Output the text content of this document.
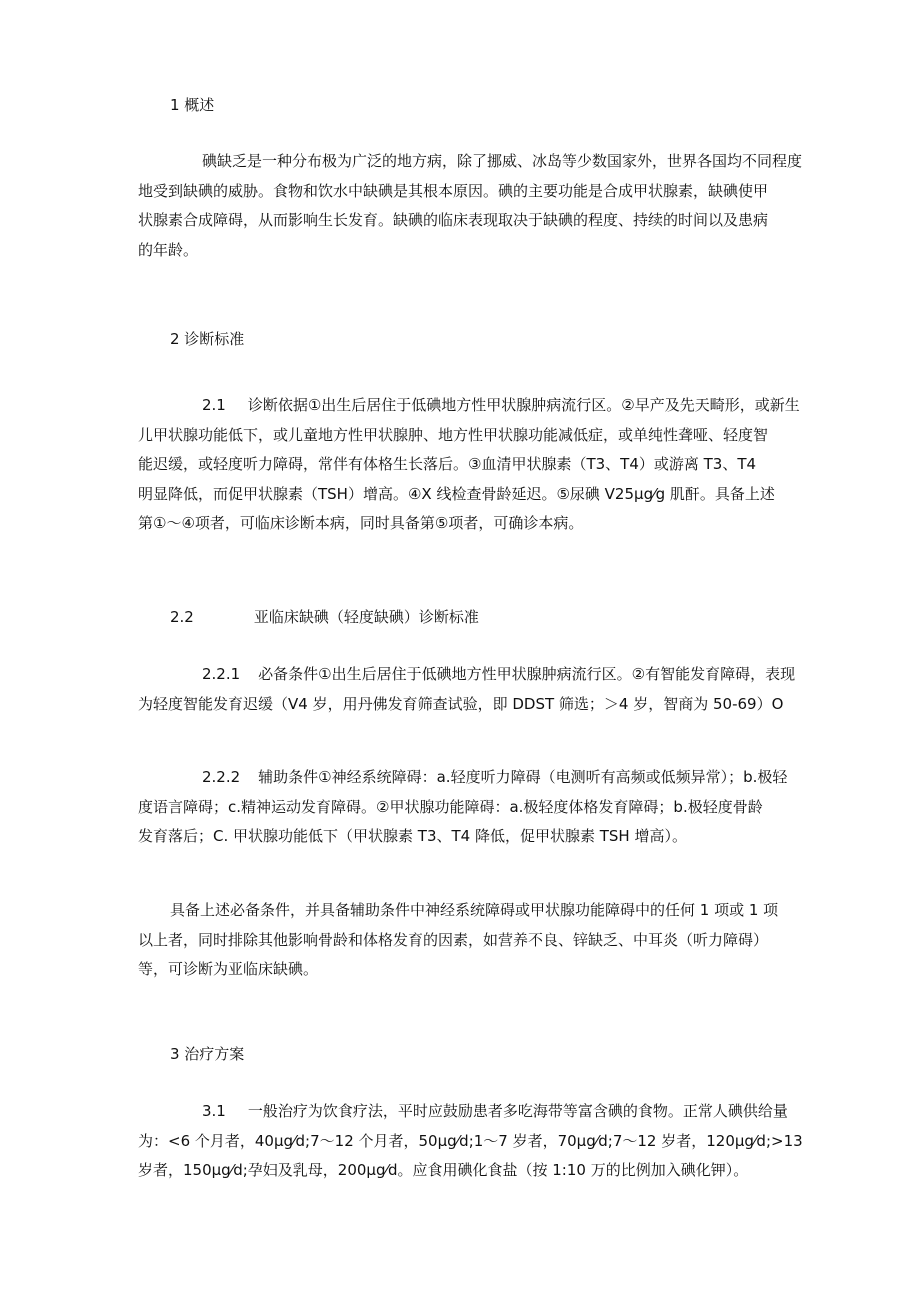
1 概述
碘缺乏是一种分布极为广泛的地方病，除了挪威、冰岛等少数国家外，世界各国均不同程度
地受到缺碘的威胁。食物和饮水中缺碘是其根本原因。碘的主要功能是合成甲状腺素，缺碘使甲
状腺素合成障碍，从而影响生长发育。缺碘的临床表现取决于缺碘的程度、持续的时间以及患病
的年龄。
2 诊断标准
2.1 诊断依据①出生后居住于低碘地方性甲状腺肿病流行区。②早产及先天畸形，或新生
儿甲状腺功能低下，或儿童地方性甲状腺肿、地方性甲状腺功能减低症，或单纯性聋哑、轻度智
能迟缓，或轻度听力障碍，常伴有体格生长落后。③血清甲状腺素（T3、T4）或游离 T3、T4
明显降低，而促甲状腺素（TSH）增高。④X 线检查骨龄延迟。⑤尿碘 V25μg⁄g 肌酐。具备上述
第①～④项者，可临床诊断本病，同时具备第⑤项者，可确诊本病。
2.2	亚临床缺碘（轻度缺碘）诊断标准
2.2.1 必备条件①出生后居住于低碘地方性甲状腺肿病流行区。②有智能发育障碍，表现
为轻度智能发育迟缓（V4 岁，用丹佛发育筛查试验，即 DDST 筛选；＞4 岁，智商为 50-69）O
2.2.2 辅助条件①神经系统障碍：a.轻度听力障碍（电测听有高频或低频异常）；b.极轻
度语言障碍；c.精神运动发育障碍。②甲状腺功能障碍：a.极轻度体格发育障碍；b.极轻度骨龄
发育落后；C. 甲状腺功能低下（甲状腺素 T3、T4 降低，促甲状腺素 TSH 增高）。
具备上述必备条件，并具备辅助条件中神经系统障碍或甲状腺功能障碍中的任何 1 项或 1 项
以上者，同时排除其他影响骨龄和体格发育的因素，如营养不良、锌缺乏、中耳炎（听力障碍）
等，可诊断为亚临床缺碘。
3 治疗方案
3.1 一般治疗为饮食疗法，平时应鼓励患者多吃海带等富含碘的食物。正常人碘供给量
为：<6 个月者，40μg⁄d;7～12 个月者，50μg⁄d;1～7 岁者，70μg⁄d;7～12 岁者，120μg⁄d;>13
岁者，150μg⁄d;孕妇及乳母，200μg⁄d。应食用碘化食盐（按 1:10 万的比例加入碘化钾）。
